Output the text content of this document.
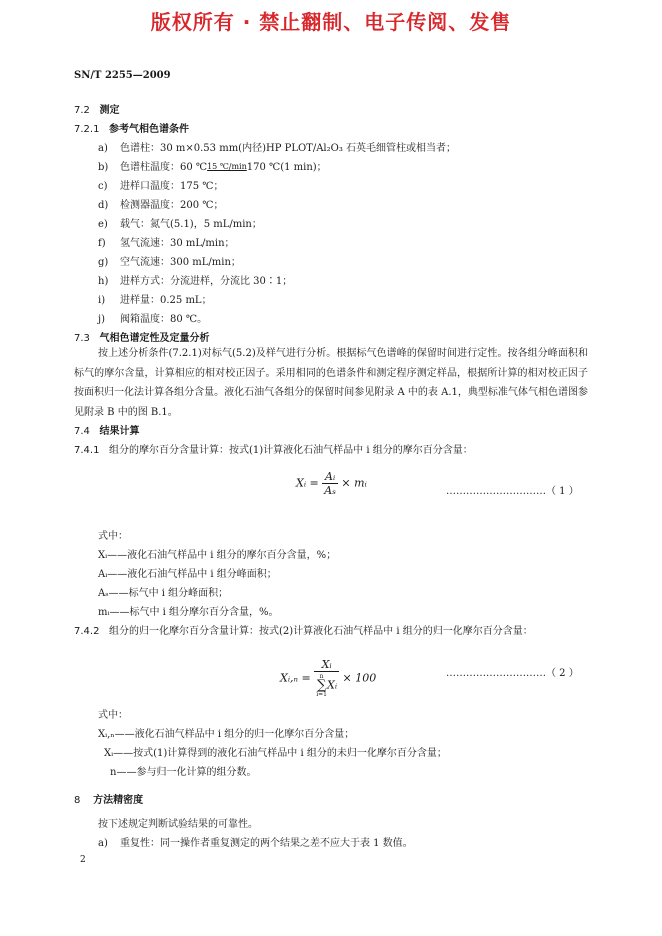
版权所有 · 禁止翻制、电子传阅、发售
SN/T 2255—2009
7.2 测定
7.2.1 参考气相色谱条件
a) 色谱柱：30 m×0.53 mm(内径)HP PLOT/Al₂O₃ 石英毛细管柱或相当者；
b) 色谱柱温度：60 ℃15 ℃/min170 ℃(1 min)；
c) 进样口温度：175 ℃；
d) 检测器温度：200 ℃；
e) 载气：氮气(5.1)，5 mL/min；
f) 氢气流速：30 mL/min；
g) 空气流速：300 mL/min；
h) 进样方式：分流进样，分流比 30∶1；
i) 进样量：0.25 mL；
j) 阀箱温度：80 ℃。
7.3 气相色谱定性及定量分析
按上述分析条件(7.2.1)对标气(5.2)及样气进行分析。根据标气色谱峰的保留时间进行定性。按各组分峰面积和标气的摩尔含量，计算相应的相对校正因子。采用相同的色谱条件和测定程序测定样品，根据所计算的相对校正因子按面积归一化法计算各组分含量。液化石油气各组分的保留时间参见附录 A 中的表 A.1，典型标准气体气相色谱图参见附录 B 中的图 B.1。
7.4 结果计算
7.4.1 组分的摩尔百分含量计算：按式(1)计算液化石油气样品中 i 组分的摩尔百分含量：
Xᵢ = $\frac{\text{Aᵢ}}{\text{Aₛ}}$ × mᵢ
…………………………（ 1 ）
式中：
Xᵢ——液化石油气样品中 i 组分的摩尔百分含量，%；
Aᵢ——液化石油气样品中 i 组分峰面积；
Aₛ——标气中 i 组分峰面积；
mᵢ——标气中 i 组分摩尔百分含量，%。
7.4.2 组分的归一化摩尔百分含量计算：按式(2)计算液化石油气样品中 i 组分的归一化摩尔百分含量：
Xᵢ,ₙ = Xᵢ
n
∑
i=1
Xᵢ × 100	…………………………（ 2 ）
式中：
Xᵢ,ₙ——液化石油气样品中 i 组分的归一化摩尔百分含量；
Xᵢ——按式(1)计算得到的液化石油气样品中 i 组分的未归一化摩尔百分含量；
n——参与归一化计算的组分数。
8 方法精密度
按下述规定判断试验结果的可靠性。
a) 重复性：同一操作者重复测定的两个结果之差不应大于表 1 数值。
2
